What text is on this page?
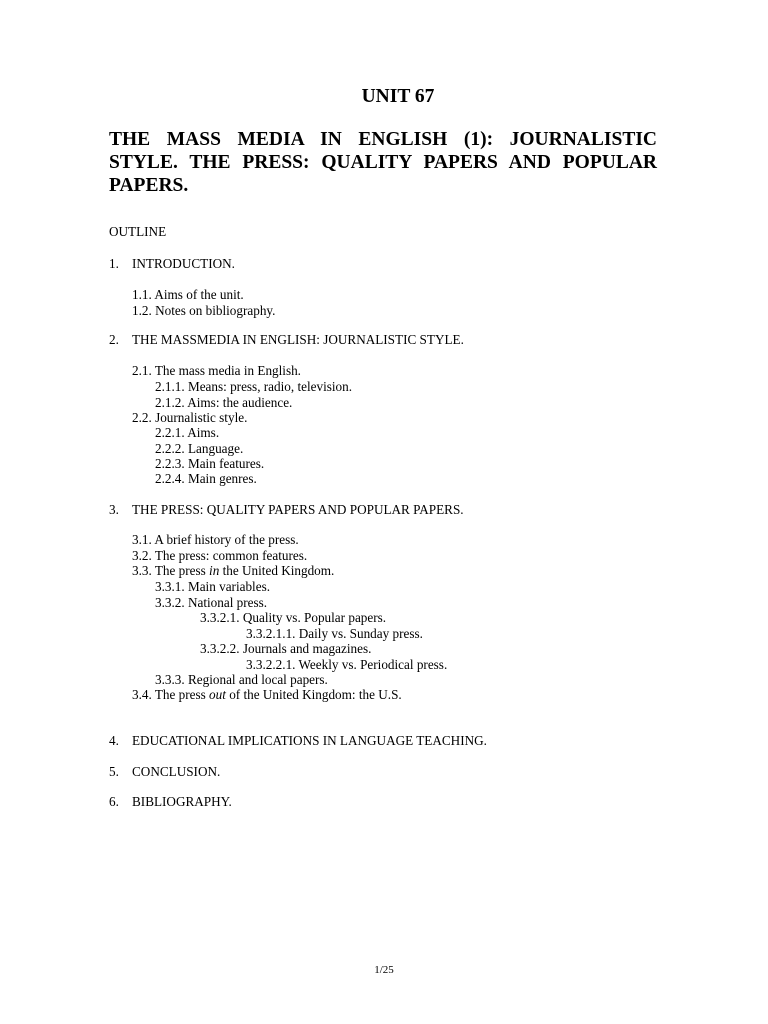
UNIT 67
THE MASS MEDIA IN ENGLISH (1): JOURNALISTIC STYLE. THE PRESS: QUALITY PAPERS AND POPULAR PAPERS.
OUTLINE
1. INTRODUCTION.
1.1. Aims of the unit.
1.2. Notes on bibliography.
2. THE MASSMEDIA IN ENGLISH: JOURNALISTIC STYLE.
2.1. The mass media in English.
2.1.1. Means: press, radio, television.
2.1.2. Aims: the audience.
2.2. Journalistic style.
2.2.1. Aims.
2.2.2. Language.
2.2.3. Main features.
2.2.4. Main genres.
3. THE PRESS: QUALITY PAPERS AND POPULAR PAPERS.
3.1. A brief history of the press.
3.2. The press: common features.
3.3. The press in the United Kingdom.
3.3.1. Main variables.
3.3.2. National press.
3.3.2.1. Quality vs. Popular papers.
3.3.2.1.1. Daily vs. Sunday press.
3.3.2.2. Journals and magazines.
3.3.2.2.1. Weekly vs. Periodical press.
3.3.3. Regional and local papers.
3.4. The press out of the United Kingdom: the U.S.
4. EDUCATIONAL IMPLICATIONS IN LANGUAGE TEACHING.
5. CONCLUSION.
6. BIBLIOGRAPHY.
1/25
